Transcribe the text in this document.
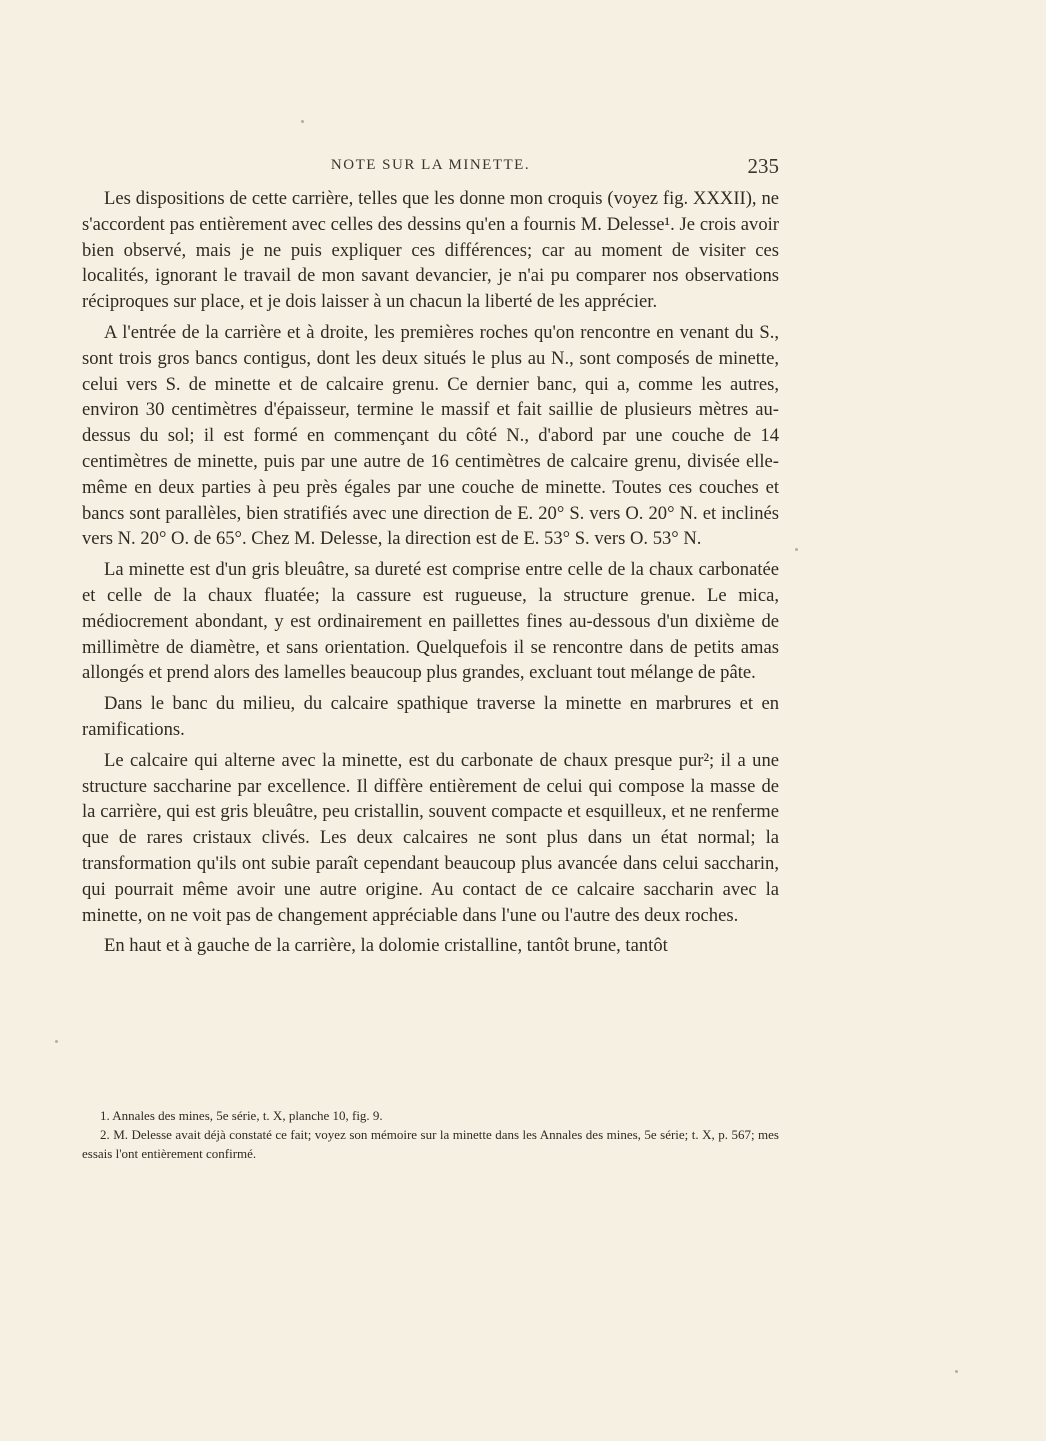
NOTE SUR LA MINETTE.	235

Les dispositions de cette carrière, telles que les donne mon croquis (voyez fig. XXXII), ne s'accordent pas entièrement avec celles des dessins qu'en a fournis M. Delesse¹. Je crois avoir bien observé, mais je ne puis expliquer ces différences; car au moment de visiter ces localités, ignorant le travail de mon savant devancier, je n'ai pu comparer nos observations réciproques sur place, et je dois laisser à un chacun la liberté de les apprécier.

A l'entrée de la carrière et à droite, les premières roches qu'on rencontre en venant du S., sont trois gros bancs contigus, dont les deux situés le plus au N., sont composés de minette, celui vers S. de minette et de calcaire grenu. Ce dernier banc, qui a, comme les autres, environ 30 centimètres d'épaisseur, termine le massif et fait saillie de plusieurs mètres au-dessus du sol; il est formé en commençant du côté N., d'abord par une couche de 14 centimètres de minette, puis par une autre de 16 centimètres de calcaire grenu, divisée elle-même en deux parties à peu près égales par une couche de minette. Toutes ces couches et bancs sont parallèles, bien stratifiés avec une direction de E. 20° S. vers O. 20° N. et inclinés vers N. 20° O. de 65°. Chez M. Delesse, la direction est de E. 53° S. vers O. 53° N.

La minette est d'un gris bleuâtre, sa dureté est comprise entre celle de la chaux carbonatée et celle de la chaux fluatée; la cassure est rugueuse, la structure grenue. Le mica, médiocrement abondant, y est ordinairement en paillettes fines au-dessous d'un dixième de millimètre de diamètre, et sans orientation. Quelquefois il se rencontre dans de petits amas allongés et prend alors des lamelles beaucoup plus grandes, excluant tout mélange de pâte.

Dans le banc du milieu, du calcaire spathique traverse la minette en marbrures et en ramifications.

Le calcaire qui alterne avec la minette, est du carbonate de chaux presque pur²; il a une structure saccharine par excellence. Il diffère entièrement de celui qui compose la masse de la carrière, qui est gris bleuâtre, peu cristallin, souvent compacte et esquilleux, et ne renferme que de rares cristaux clivés. Les deux calcaires ne sont plus dans un état normal; la transformation qu'ils ont subie paraît cependant beaucoup plus avancée dans celui saccharin, qui pourrait même avoir une autre origine. Au contact de ce calcaire saccharin avec la minette, on ne voit pas de changement appréciable dans l'une ou l'autre des deux roches.

En haut et à gauche de la carrière, la dolomie cristalline, tantôt brune, tantôt

1. Annales des mines, 5e série, t. X, planche 10, fig. 9.

2. M. Delesse avait déjà constaté ce fait; voyez son mémoire sur la minette dans les Annales des mines, 5e série; t. X, p. 567; mes essais l'ont entièrement confirmé.
